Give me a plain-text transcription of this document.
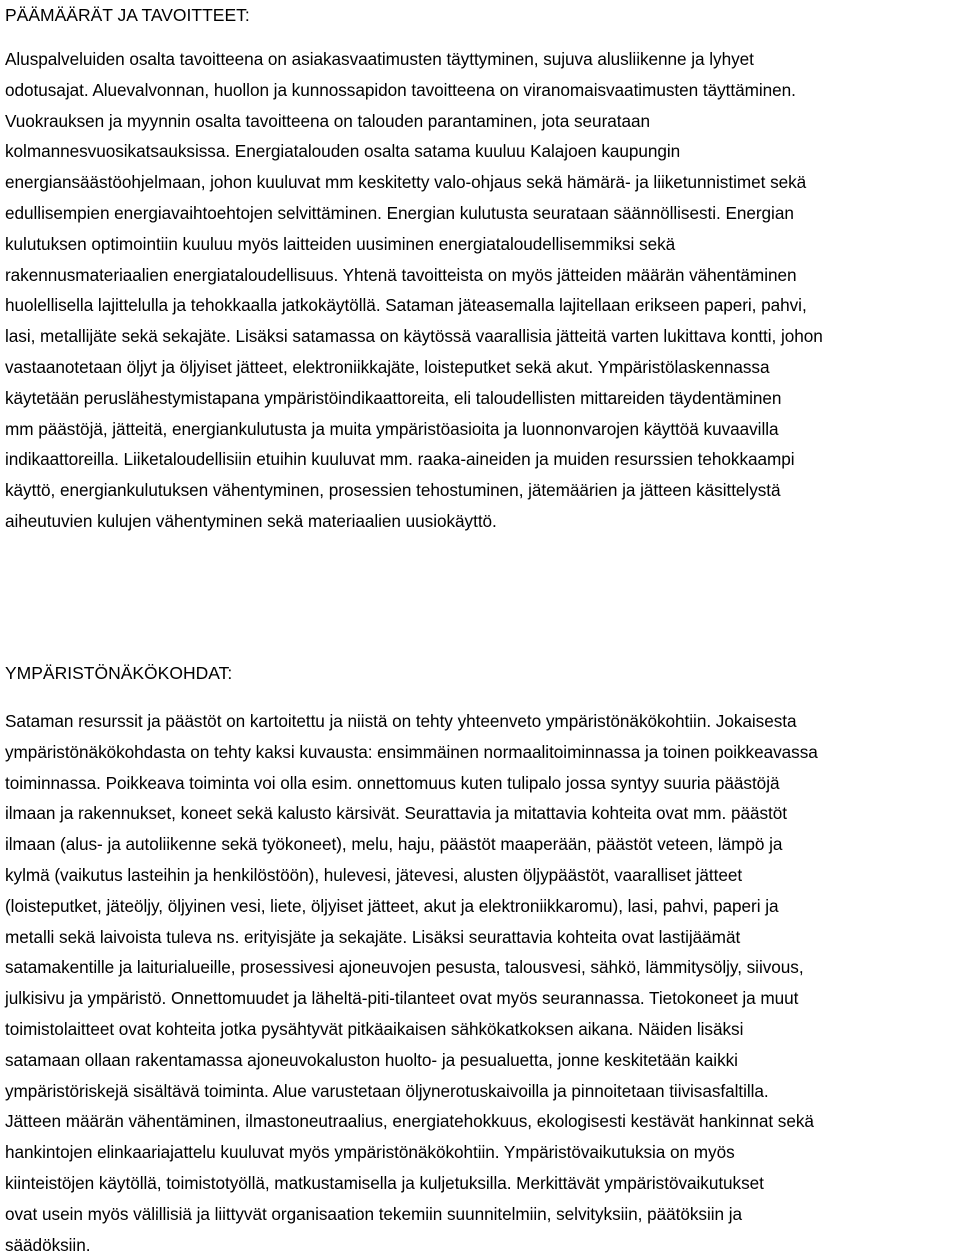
PÄÄMÄÄRÄT JA TAVOITTEET:
Aluspalveluiden osalta tavoitteena on asiakasvaatimusten täyttyminen, sujuva alusliikenne ja lyhyet
odotusajat. Aluevalvonnan, huollon ja kunnossapidon tavoitteena on viranomaisvaatimusten täyttäminen.
Vuokrauksen ja myynnin osalta tavoitteena on talouden parantaminen, jota seurataan
kolmannesvuosikatsauksissa. Energiatalouden osalta satama kuuluu Kalajoen kaupungin
energiansäästöohjelmaan, johon kuuluvat mm keskitetty valo-ohjaus sekä hämärä- ja liiketunnistimet sekä
edullisempien energiavaihtoehtojen selvittäminen. Energian kulutusta seurataan säännöllisesti. Energian
kulutuksen optimointiin kuuluu myös laitteiden uusiminen energiataloudellisemmiksi sekä
rakennusmateriaalien energiataloudellisuus. Yhtenä tavoitteista on myös jätteiden määrän vähentäminen
huolellisella lajittelulla ja tehokkaalla jatkokäytöllä. Sataman jäteasemalla lajitellaan erikseen paperi, pahvi,
lasi, metallijäte sekä sekajäte. Lisäksi satamassa on käytössä vaarallisia jätteitä varten lukittava kontti, johon
vastaanotetaan öljyt ja öljyiset jätteet, elektroniikkajäte, loisteputket sekä akut. Ympäristölaskennassa
käytetään peruslähestymistapana ympäristöindikaattoreita, eli taloudellisten mittareiden täydentäminen
mm päästöjä, jätteitä, energiankulutusta ja muita ympäristöasioita ja luonnonvarojen käyttöä kuvaavilla
indikaattoreilla. Liiketaloudellisiin etuihin kuuluvat mm. raaka-aineiden ja muiden resurssien tehokkaampi
käyttö, energiankulutuksen vähentyminen, prosessien tehostuminen, jätemäärien ja jätteen käsittelystä
aiheutuvien kulujen vähentyminen sekä materiaalien uusiokäyttö.
YMPÄRISTÖNÄKÖKOHDAT:
Sataman resurssit ja päästöt on kartoitettu ja niistä on tehty yhteenveto ympäristönäkökohtiin. Jokaisesta
ympäristönäkökohdasta on tehty kaksi kuvausta: ensimmäinen normaalitoiminnassa ja toinen poikkeavassa
toiminnassa. Poikkeava toiminta voi olla esim. onnettomuus kuten tulipalo jossa syntyy suuria päästöjä
ilmaan ja rakennukset, koneet sekä kalusto kärsivät. Seurattavia ja mitattavia kohteita ovat mm. päästöt
ilmaan (alus- ja autoliikenne sekä työkoneet), melu, haju, päästöt maaperään, päästöt veteen, lämpö ja
kylmä (vaikutus lasteihin ja henkilöstöön), hulevesi, jätevesi, alusten öljypäästöt, vaaralliset jätteet
(loisteputket, jäteöljy, öljyinen vesi, liete, öljyiset jätteet, akut ja elektroniikkaromu), lasi, pahvi, paperi ja
metalli sekä laivoista tuleva ns. erityisjäte ja sekajäte. Lisäksi seurattavia kohteita ovat lastijäämät
satamakentille ja laiturialueille, prosessivesi ajoneuvojen pesusta, talousvesi, sähkö, lämmitysöljy, siivous,
julkisivu ja ympäristö. Onnettomuudet ja läheltä-piti-tilanteet ovat myös seurannassa. Tietokoneet ja muut
toimistolaitteet ovat kohteita jotka pysähtyvät pitkäaikaisen sähkökatkoksen aikana. Näiden lisäksi
satamaan ollaan rakentamassa ajoneuvokaluston huolto- ja pesualuetta, jonne keskitetään kaikki
ympäristöriskejä sisältävä toiminta. Alue varustetaan öljynerotuskaivoilla ja pinnoitetaan tiivisasfaltilla.
Jätteen määrän vähentäminen, ilmastoneutraalius, energiatehokkuus, ekologisesti kestävät hankinnat sekä
hankintojen elinkaariajattelu kuuluvat myös ympäristönäkökohtiin. Ympäristövaikutuksia on myös
kiinteistöjen käytöllä, toimistotyöllä, matkustamisella ja kuljetuksilla. Merkittävät ympäristövaikutukset
ovat usein myös välillisiä ja liittyvät organisaation tekemiin suunnitelmiin, selvityksiin, päätöksiin ja
säädöksiin.
